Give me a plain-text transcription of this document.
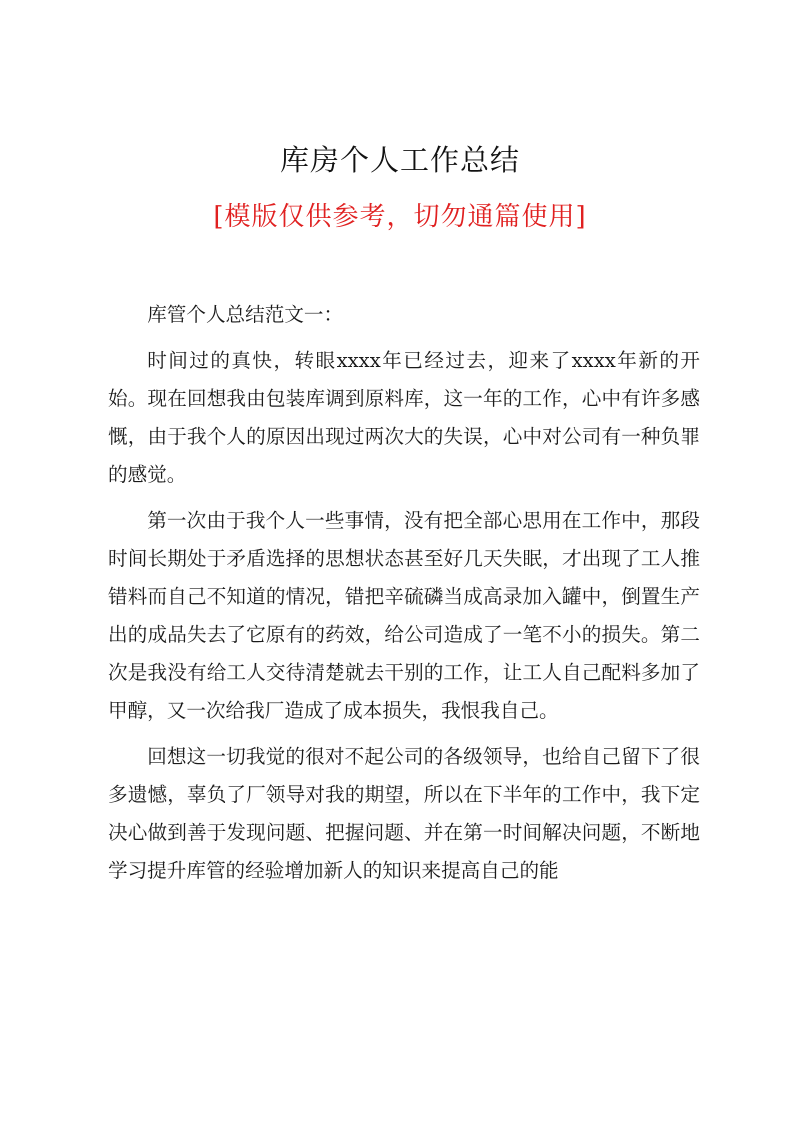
库房个人工作总结
[模版仅供参考，切勿通篇使用]

库管个人总结范文一：

时间过的真快，转眼xxxx年已经过去，迎来了xxxx年新的开始。现在回想我由包装库调到原料库，这一年的工作，心中有许多感慨，由于我个人的原因出现过两次大的失误，心中对公司有一种负罪的感觉。

第一次由于我个人一些事情，没有把全部心思用在工作中，那段时间长期处于矛盾选择的思想状态甚至好几天失眠，才出现了工人推错料而自己不知道的情况，错把辛硫磷当成高录加入罐中，倒置生产出的成品失去了它原有的药效，给公司造成了一笔不小的损失。第二次是我没有给工人交待清楚就去干别的工作，让工人自己配料多加了甲醇，又一次给我厂造成了成本损失，我恨我自己。

回想这一切我觉的很对不起公司的各级领导，也给自己留下了很多遗憾，辜负了厂领导对我的期望，所以在下半年的工作中，我下定决心做到善于发现问题、把握问题、并在第一时间解决问题，不断地学习提升库管的经验增加新人的知识来提高自己的能
